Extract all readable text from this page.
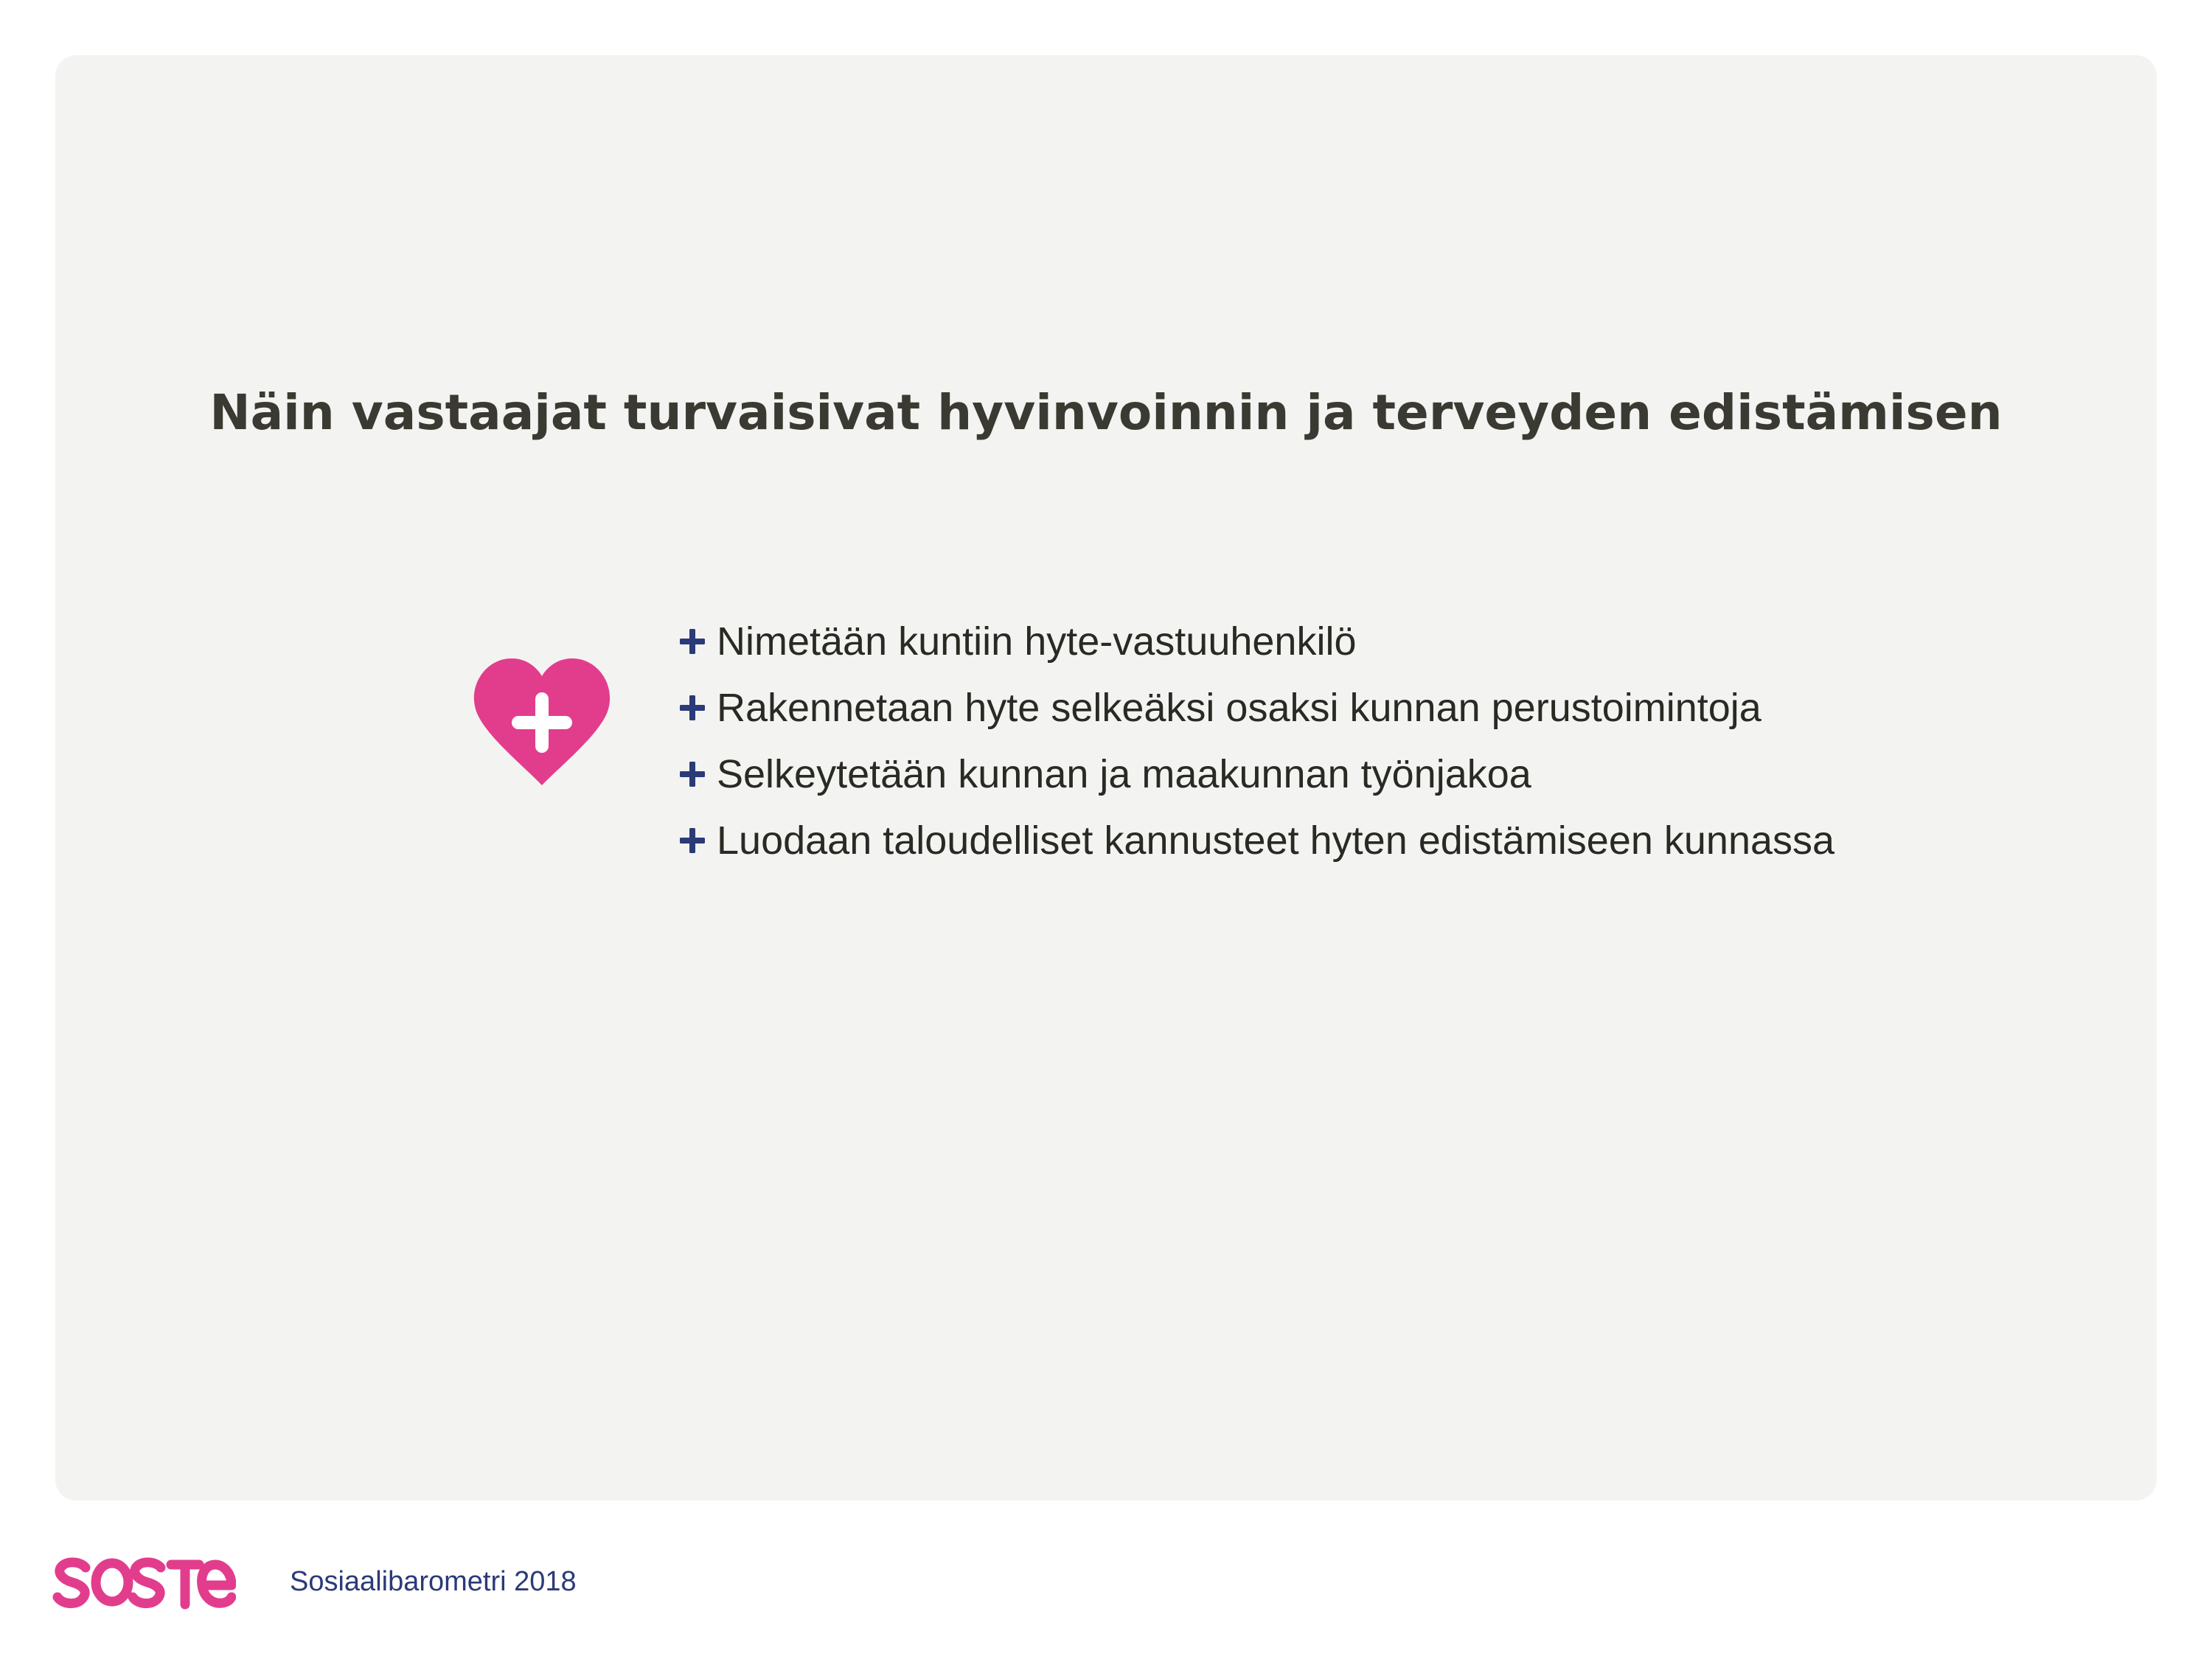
Näin vastaajat turvaisivat hyvinvoinnin ja terveyden edistämisen
Nimetään kuntiin hyte-vastuuhenkilö
Rakennetaan hyte selkeäksi osaksi kunnan perustoimintoja
Selkeytetään kunnan ja maakunnan työnjakoa
Luodaan taloudelliset kannusteet hyten edistämiseen kunnassa
Sosiaalibarometri 2018
